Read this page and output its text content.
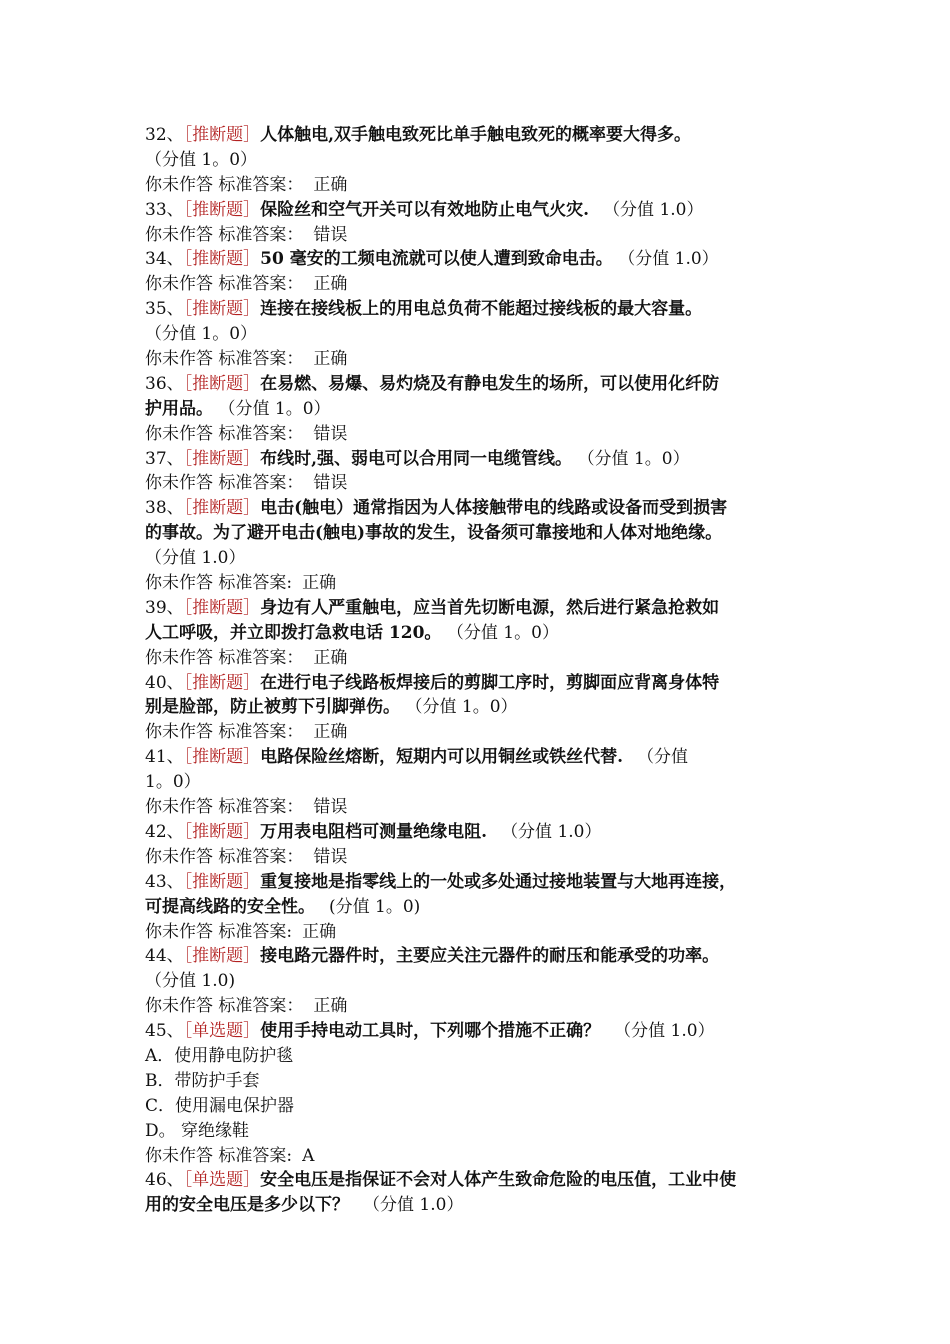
32、［推断题］人体触电,双手触电致死比单手触电致死的概率要大得多。
（分值 1。0）
你未作答 标准答案： 正确
33、［推断题］保险丝和空气开关可以有效地防止电气火灾. （分值 1.0）
你未作答 标准答案： 错误
34、［推断题］50 毫安的工频电流就可以使人遭到致命电击。 （分值 1.0）
你未作答 标准答案： 正确
35、［推断题］连接在接线板上的用电总负荷不能超过接线板的最大容量。
（分值 1。0）
你未作答 标准答案： 正确
36、［推断题］在易燃、易爆、易灼烧及有静电发生的场所，可以使用化纤防
护用品。 （分值 1。0）
你未作答 标准答案： 错误
37、［推断题］布线时,强、弱电可以合用同一电缆管线。 （分值 1。0）
你未作答 标准答案： 错误
38、［推断题］电击(触电）通常指因为人体接触带电的线路或设备而受到损害
的事故。为了避开电击(触电)事故的发生，设备须可靠接地和人体对地绝缘。
（分值 1.0）
你未作答 标准答案: 正确
39、［推断题］身边有人严重触电，应当首先切断电源，然后进行紧急抢救如
人工呼吸，并立即拨打急救电话 120。 （分值 1。0）
你未作答 标准答案： 正确
40、［推断题］在进行电子线路板焊接后的剪脚工序时，剪脚面应背离身体特
别是脸部，防止被剪下引脚弹伤。 （分值 1。0）
你未作答 标准答案： 正确
41、［推断题］电路保险丝熔断，短期内可以用铜丝或铁丝代替. （分值
1。0）
你未作答 标准答案： 错误
42、［推断题］万用表电阻档可测量绝缘电阻. （分值 1.0）
你未作答 标准答案： 错误
43、［推断题］重复接地是指零线上的一处或多处通过接地装置与大地再连接，
可提高线路的安全性。 (分值 1。0)
你未作答 标准答案: 正确
44、［推断题］接电路元器件时，主要应关注元器件的耐压和能承受的功率。
（分值 1.0)
你未作答 标准答案： 正确
45、［单选题］使用手持电动工具时，下列哪个措施不正确？ （分值 1.0）
A．使用静电防护毯
B．带防护手套
C．使用漏电保护器
D。 穿绝缘鞋
你未作答 标准答案: A
46、［单选题］安全电压是指保证不会对人体产生致命危险的电压值，工业中使
用的安全电压是多少以下？ （分值 1.0）
